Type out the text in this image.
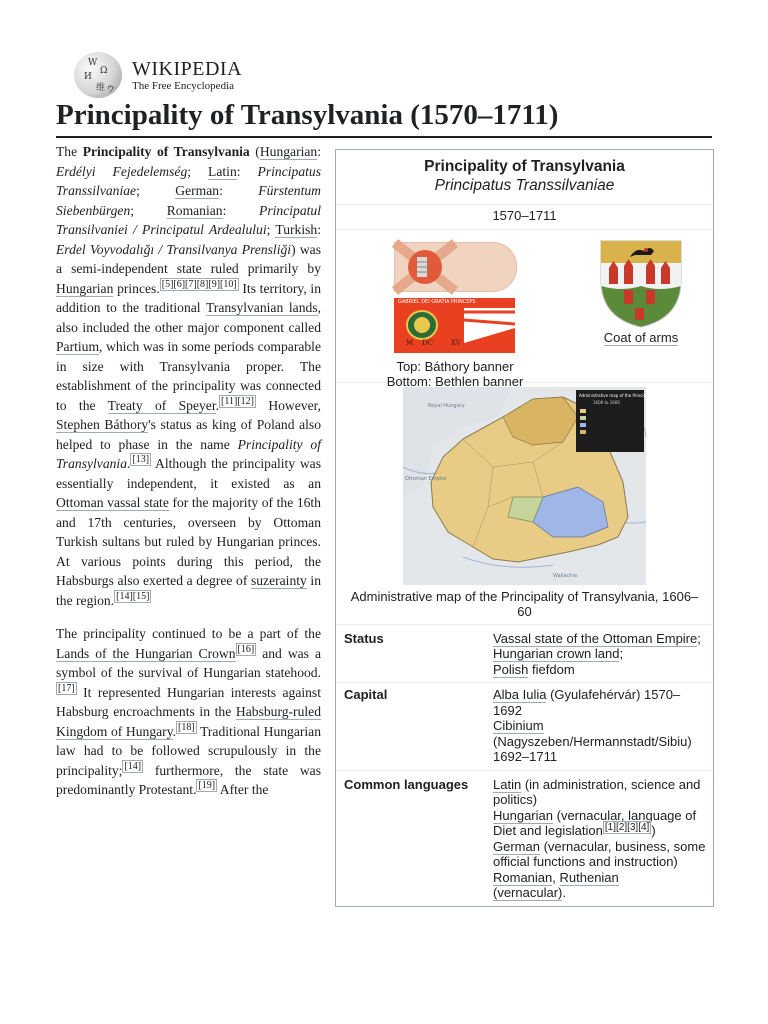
W
Ω
И
维 ウ
WIKIPEDIA
The Free Encyclopedia
Principality of Transylvania (1570–1711)

The Principality of Transylvania (Hungarian: Erdélyi Fejedelemség; Latin: Principatus Transsilvaniae; German: Fürstentum Siebenbürgen; Romanian: Principatul Transilvaniei / Principatul Ardealului; Turkish: Erdel Voyvodalığı / Transilvanya Prensliği) was a semi-independent state ruled primarily by Hungarian princes. [5][6][7][8][9][10] Its territory, in addition to the traditional Transylvanian lands, also included the other major component called Partium, which was in some periods comparable in size with Transylvania proper. The establishment of the principality was connected to the Treaty of Speyer. [11][12] However, Stephen Báthory's status as king of Poland also helped to phase in the name Principality of Transylvania. [13] Although the principality was essentially independent, it existed as an Ottoman vassal state for the majority of the 16th and 17th centuries, overseen by Ottoman Turkish sultans but ruled by Hungarian princes. At various points during this period, the Habsburgs also exerted a degree of suzerainty in the region. [14][15]

The principality continued to be a part of the Lands of the Hungarian Crown [16] and was a symbol of the survival of Hungarian statehood.[17] It represented Hungarian interests against Habsburg encroachments in the Habsburg-ruled Kingdom of Hungary. [18] Traditional Hungarian law had to be followed scrupulously in the principality; [14] furthermore, the state was predominantly Protestant. [19] After the

Principality of Transylvania
Principatus Transsilvaniae
1570–1711
GABRIEL DEI GRATIA PRINCEPS
M DC	XV
Top: Báthory banner
Bottom: Bethlen banner
Coat of arms
Administrative map of the Principality of Transylvania
1606 to 1660
Royal Hungary
Ottoman Empire
Wallachia
Administrative map of the Principality of Transylvania, 1606–60
Status	Vassal state of the Ottoman Empire;
Hungarian crown land;
Polish fiefdom
Capital	Alba Iulia (Gyulafehérvár) 1570–1692
Cibinium
(Nagyszeben/Hermannstadt/Sibiu) 1692–1711
Common languages	Latin (in administration, science and politics)
Hungarian (vernacular, language of Diet and legislation [1][2][3][4] )
German (vernacular, business, some official functions and instruction)
Romanian, Ruthenian
(vernacular).
